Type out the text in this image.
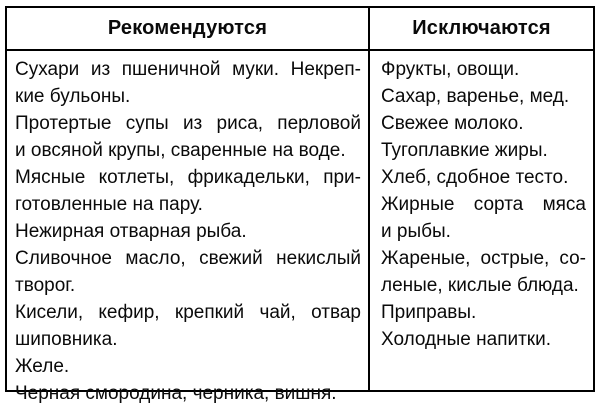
Рекомендуются	Исключаются

Сухари из пшеничной муки. Некреп-
кие бульоны.

Протертые супы из риса, перловой
и овсяной крупы, сваренные на воде.

Мясные котлеты, фрикадельки, при-
готовленные на пару.

Нежирная отварная рыба.

Сливочное масло, свежий некислый
творог.

Кисели, кефир, крепкий чай, отвар
шиповника.

Желе.

Черная смородина, черника, вишня.

Фрукты, овощи.

Сахар, варенье, мед.

Свежее молоко.

Тугоплавкие жиры.

Хлеб, сдобное тесто.

Жирные сорта мяса
и рыбы.

Жареные, острые, со-
леные, кислые блюда.

Приправы.

Холодные напитки.
